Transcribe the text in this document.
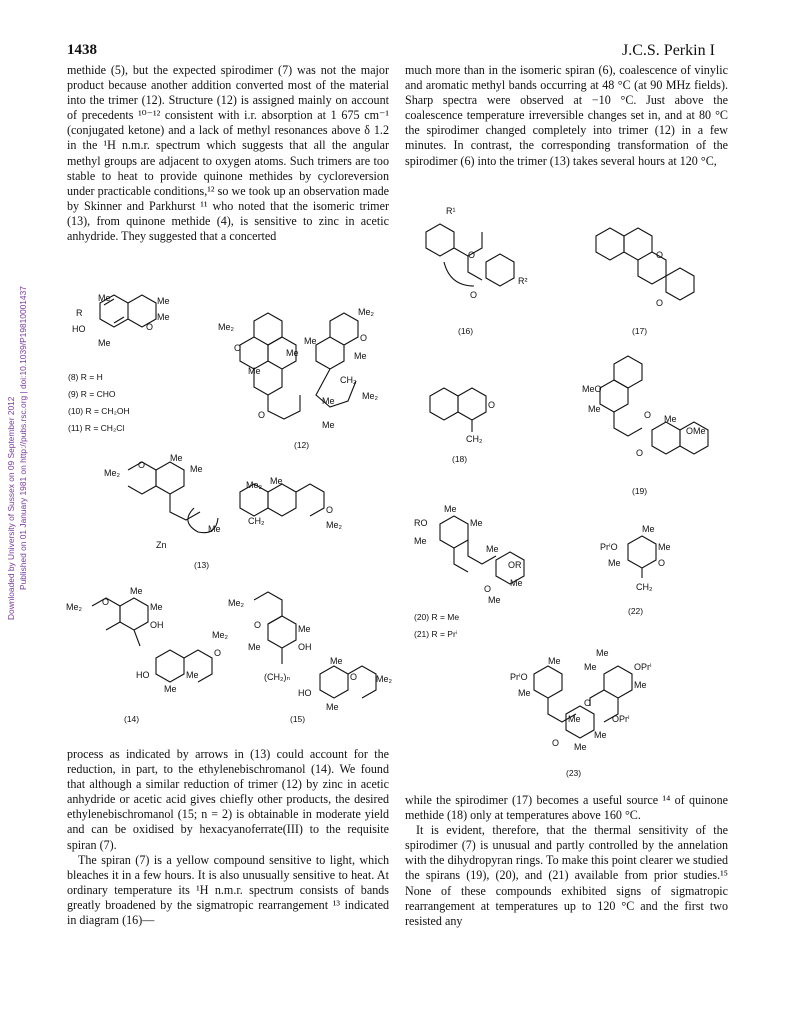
1438	J.C.S. Perkin I
Downloaded by University of Sussex on 09 September 2012 Published on 01 January 1981 on http://pubs.rsc.org | doi:10.1039/P19810001437

methide (5), but the expected spirodimer (7) was not the major product because another addition converted most of the material into the trimer (12). Structure (12) is assigned mainly on account of precedents ¹⁰⁻¹² consistent with i.r. absorption at 1 675 cm⁻¹ (conjugated ketone) and a lack of methyl resonances above δ 1.2 in the ¹H n.m.r. spectrum which suggests that all the angular methyl groups are adjacent to oxygen atoms. Such trimers are too stable to heat to provide quinone methides by cycloreversion under practicable conditions,¹² so we took up an observation made by Skinner and Parkhurst ¹¹ who noted that the isomeric trimer (13), from quinone methide (4), is sensitive to zinc in acetic anhydride. They suggested that a concerted

much more than in the isomeric spiran (6), coalescence of vinylic and aromatic methyl bands occurring at 48 °C (at 90 MHz fields). Sharp spectra were observed at −10 °C. Just above the coalescence temperature irreversible changes set in, and at 80 °C the spirodimer changed completely into trimer (12) in a few minutes. In contrast, the corresponding transformation of the spirodimer (6) into the trimer (13) takes several hours at 120 °C,

process as indicated by arrows in (13) could account for the reduction, in part, to the ethylenebischromanol (14). We found that although a similar reduction of trimer (12) by zinc in acetic anhydride or acetic acid gives chiefly other products, the desired ethylenebischromanol (15; n = 2) is obtainable in moderate yield and can be oxidised by hexacyanoferrate(III) to the requisite spiran (7).

The spiran (7) is a yellow compound sensitive to light, which bleaches it in a few hours. It is also unusually sensitive to heat. At ordinary temperature its ¹H n.m.r. spectrum consists of bands greatly broadened by the sigmatropic rearrangement ¹³ indicated in diagram (16)—

while the spirodimer (17) becomes a useful source ¹⁴ of quinone methide (18) only at temperatures above 160 °C.

It is evident, therefore, that the thermal sensitivity of the spirodimer (7) is unusual and partly controlled by the annelation with the dihydropyran rings. To make this point clearer we studied the spirans (19), (20), and (21) available from prior studies.¹⁵ None of these compounds exhibited signs of sigmatropic rearrangement at temperatures up to 120 °C and the first two resisted any

Me
R
HO
Me
O
Me
Me
(8) R = H
(9) R = CHO
(10) R = CH₂OH
(11) R = CH₂Cl
Me₂
O
Me
Me
Me
Me₂
O
Me
CH₂
Me₂
Me
O
Me
(12)
Me₂
O
Me
Me
Me₂ Me
CH₂
O
Me₂
Me
Zn
(13)
Me₂ O
Me
Me
OH
Me₂
O
HO	Me
Me
(14)
Me₂
O	Me
Me	OH
(CH₂)ₙ
Me
Me₂
O
HO
Me
(15)
R¹
O
O
R²
(16)
O
O
(17)
O
CH₂
(18)
MeO
Me
O Me
OMe
O
(19)
Me
RO	Me
Me
Me
OR
Me
O
Me
(20) R = Me
(21) R = Prⁱ
Me
PrⁱO	Me
Me	O
CH₂
(22)
Me
PrⁱO
Me
Me
Me	OPrⁱ
Me
O
Me	OPrⁱ
Me
O Me
(23)
